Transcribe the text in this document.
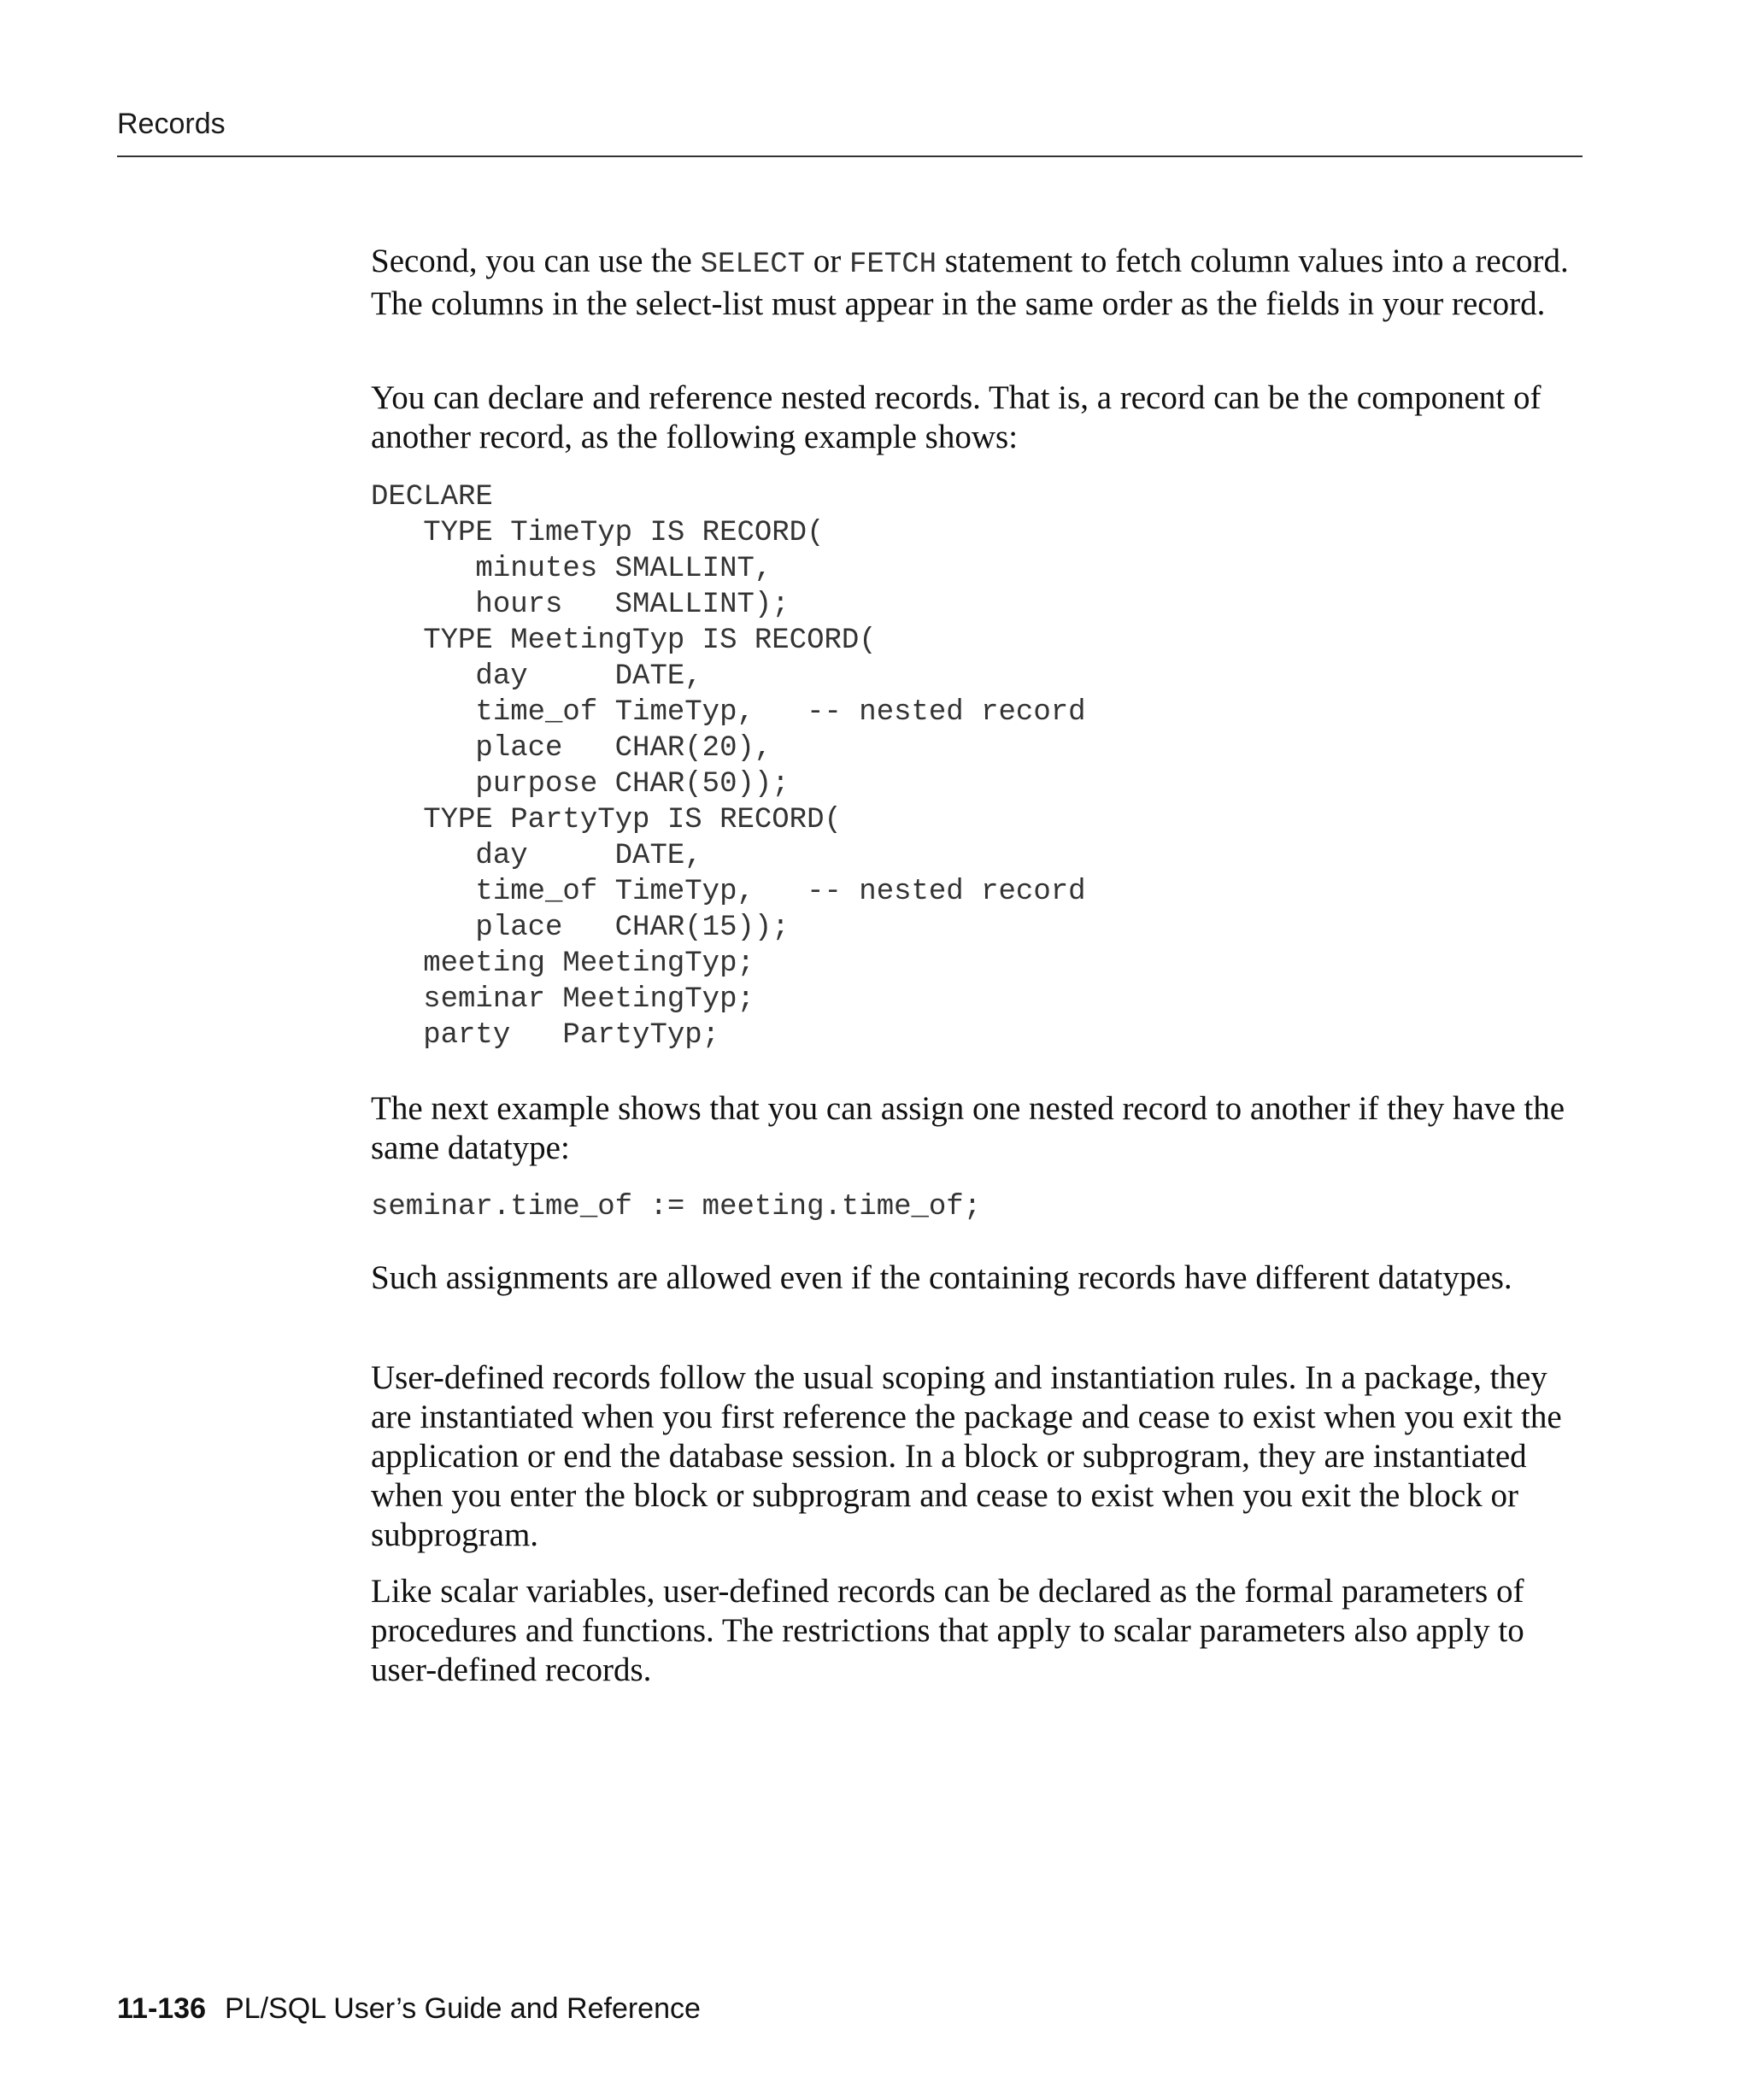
Records

Second, you can use the SELECT or FETCH statement to fetch column values into a record. The columns in the select-list must appear in the same order as the fields in your record.

You can declare and reference nested records. That is, a record can be the component of another record, as the following example shows:

DECLARE
TYPE TimeTyp IS RECORD(
minutes SMALLINT,
hours   SMALLINT);
TYPE MeetingTyp IS RECORD(
day     DATE,
time_of TimeTyp,   -- nested record
place   CHAR(20),
purpose CHAR(50));
TYPE PartyTyp IS RECORD(
day     DATE,
time_of TimeTyp,   -- nested record
place   CHAR(15));
meeting MeetingTyp;
seminar MeetingTyp;
party   PartyTyp;

The next example shows that you can assign one nested record to another if they have the same datatype:

seminar.time_of := meeting.time_of;

Such assignments are allowed even if the containing records have different datatypes.

User-defined records follow the usual scoping and instantiation rules. In a package, they are instantiated when you first reference the package and cease to exist when you exit the application or end the database session. In a block or subprogram, they are instantiated when you enter the block or subprogram and cease to exist when you exit the block or subprogram.

Like scalar variables, user-defined records can be declared as the formal parameters of procedures and functions. The restrictions that apply to scalar parameters also apply to user-defined records.

11-136 PL/SQL User’s Guide and Reference
